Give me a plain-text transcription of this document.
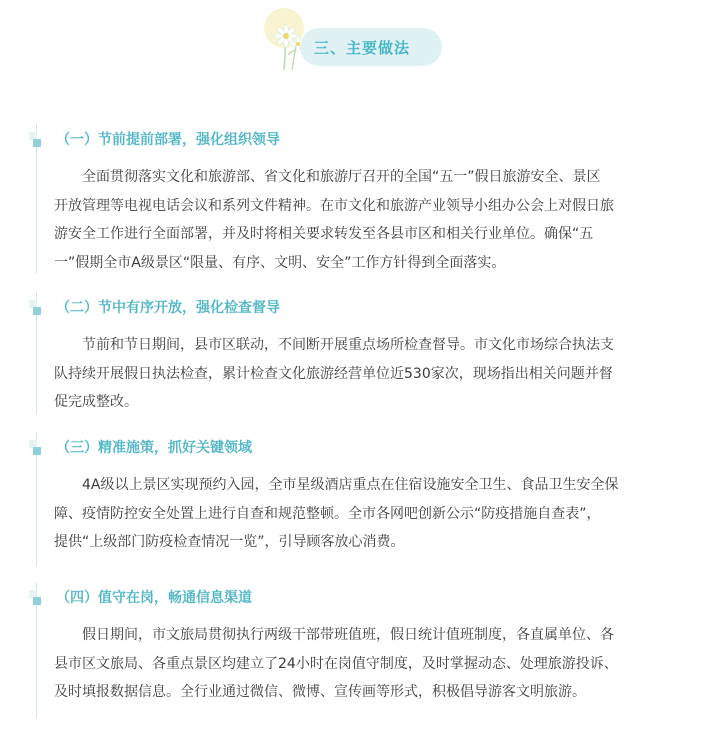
三、主要做法
（一）节前提前部署，强化组织领导
　　全面贯彻落实文化和旅游部、省文化和旅游厅召开的全国“五一”假日旅游安全、景区
开放管理等电视电话会议和系列文件精神。在市文化和旅游产业领导小组办公会上对假日旅
游安全工作进行全面部署，并及时将相关要求转发至各县市区和相关行业单位。确保“五
一”假期全市A级景区“限量、有序、文明、安全”工作方针得到全面落实。
（二）节中有序开放，强化检查督导
　　节前和节日期间，县市区联动，不间断开展重点场所检查督导。市文化市场综合执法支
队持续开展假日执法检查，累计检查文化旅游经营单位近530家次，现场指出相关问题并督
促完成整改。
（三）精准施策，抓好关键领域
　　4A级以上景区实现预约入园，全市星级酒店重点在住宿设施安全卫生、食品卫生安全保
障、疫情防控安全处置上进行自查和规范整顿。全市各网吧创新公示“防疫措施自查表”，
提供“上级部门防疫检查情况一览”，引导顾客放心消费。
（四）值守在岗，畅通信息渠道
　　假日期间，市文旅局贯彻执行两级干部带班值班，假日统计值班制度，各直属单位、各
县市区文旅局、各重点景区均建立了24小时在岗值守制度，及时掌握动态、处理旅游投诉、
及时填报数据信息。全行业通过微信、微博、宣传画等形式，积极倡导游客文明旅游。
